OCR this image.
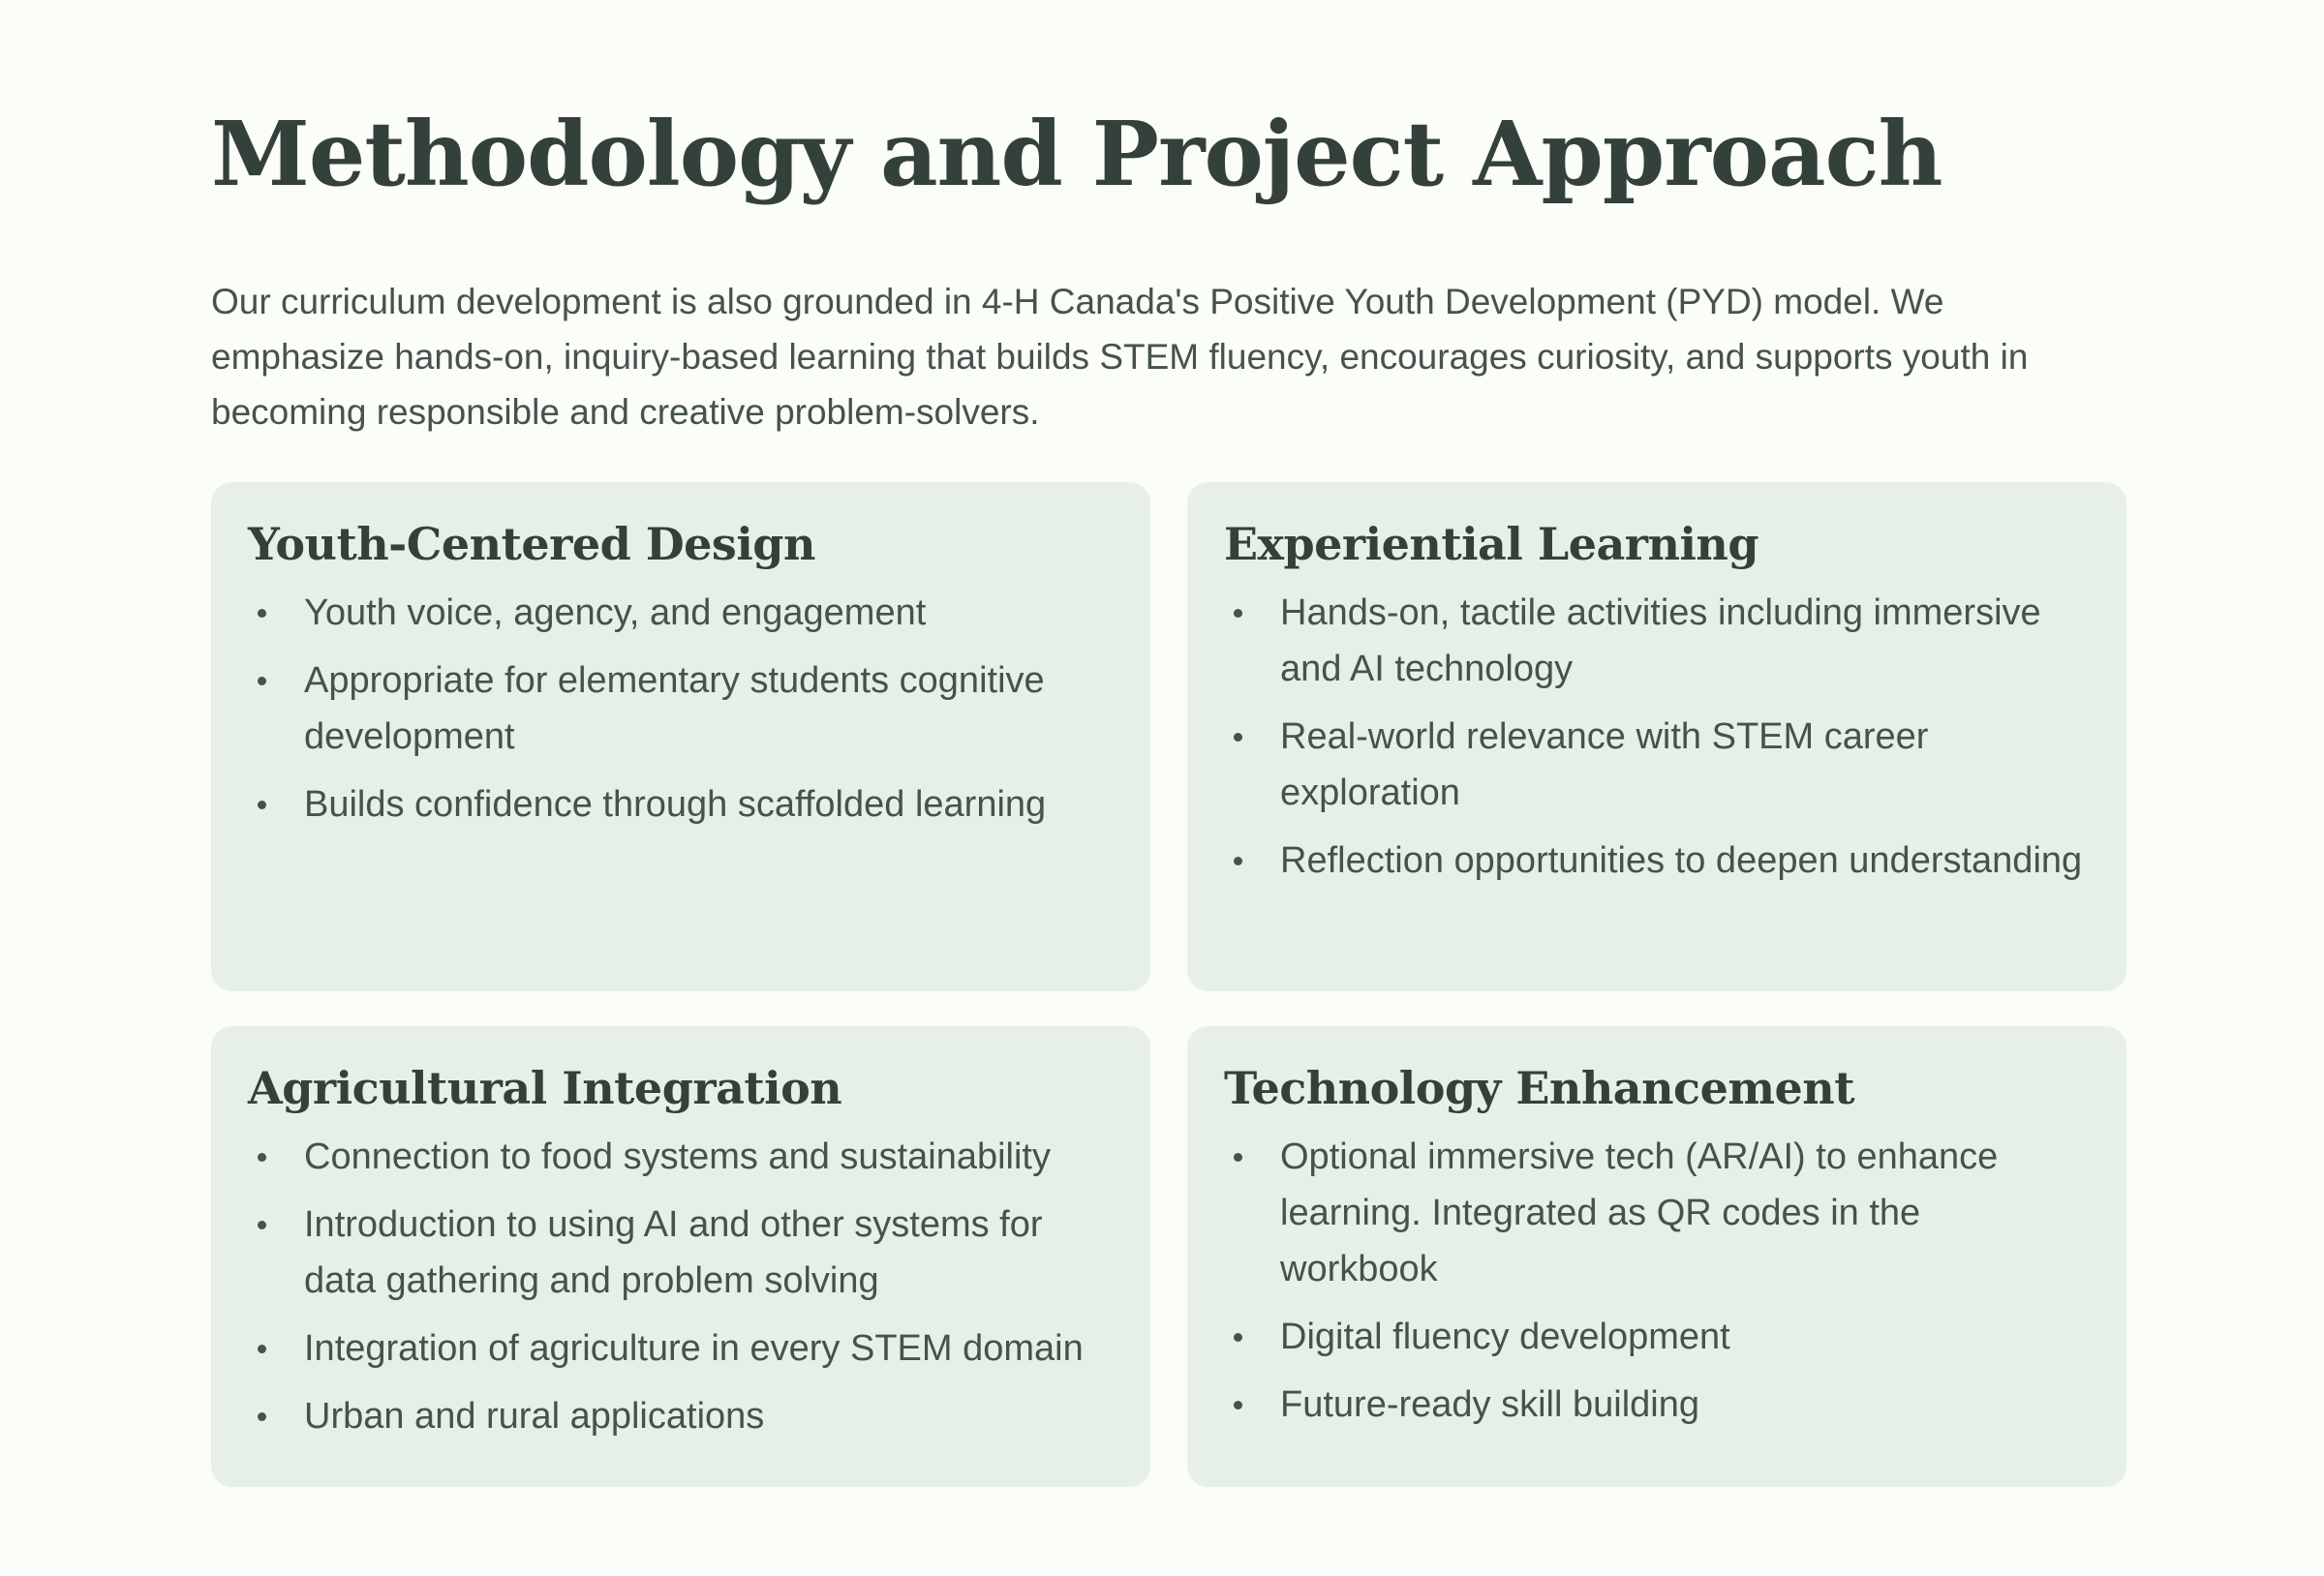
Methodology and Project Approach

Our curriculum development is also grounded in 4-H Canada's Positive Youth Development (PYD) model. We emphasize hands-on, inquiry-based learning that builds STEM fluency, encourages curiosity, and supports youth in becoming responsible and creative problem-solvers.

Youth-Centered Design
Youth voice, agency, and engagement
Appropriate for elementary students cognitive development
Builds confidence through scaffolded learning
Experiential Learning
Hands-on, tactile activities including immersive and AI technology
Real-world relevance with STEM career exploration
Reflection opportunities to deepen understanding
Agricultural Integration
Connection to food systems and sustainability
Introduction to using AI and other systems for data gathering and problem solving
Integration of agriculture in every STEM domain
Urban and rural applications
Technology Enhancement
Optional immersive tech (AR/AI) to enhance learning. Integrated as QR codes in the workbook
Digital fluency development
Future-ready skill building
